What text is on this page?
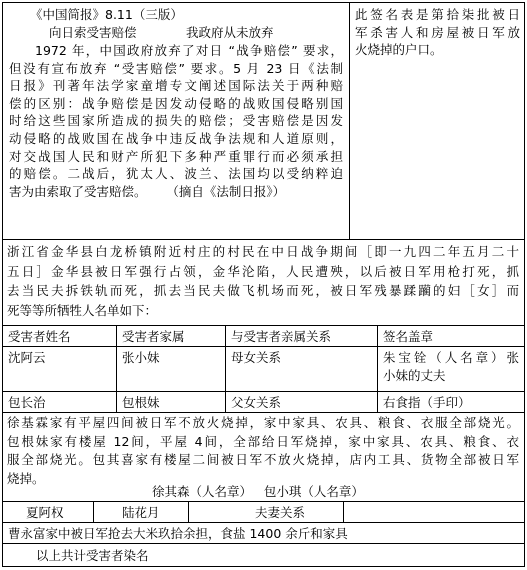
《中国简报》8.11（三版）
向日索受害赔偿	我政府从未放弃
1972 年，中国政府放弃了对日 “战争赔偿” 要求，
但没有宣布放弃 “受害赔偿” 要求。5 月 23 日《法制
日报》刊著年法学家童增专文阐述国际法关于两种赔
偿的区别：战争赔偿是因发动侵略的战败国侵略别国
时给这些国家所造成的损失的赔偿；受害赔偿是因发
动侵略的战败国在战争中违反战争法规和人道原则，
对交战国人民和财产所犯下多种严重罪行而必须承担
的赔偿。二战后，犹太人、波兰、法国均以受纳粹迫
害为由索取了受害赔偿。     （摘自《法制日报》）
此签名表是第拾柒批被日
军杀害人和房屋被日军放
火烧掉的户口。
浙江省金华县白龙桥镇附近村庄的村民在中日战争期间［即一九四二年五月二十
五日］金华县被日军强行占领，金华沦陷，人民遭殃，以后被日军用枪打死，抓
去当民夫拆铁轨而死，抓去当民夫做飞机场而死，被日军残暴蹂躏的妇［女］而
死等等所牺牲人名单如下：
受害者姓名	受害者家属	与受害者亲属关系	签名盖章
沈阿云	张小妹	母女关系	朱宝铨（人名章）张
小妹的丈夫
包长治	包根妹	父女关系	右食指（手印）
徐基霖家有平屋四间被日军不放火烧掉，家中家具、农具、粮食、衣服全部烧光。
包根妹家有楼屋 12间，平屋 4间，全部给日军烧掉，家中家具、农具、粮食、衣
服全部烧光。包其喜家有楼屋二间被日军不放火烧掉，店内工具、货物全部被日军
烧掉。
徐其森（人名章）   包小琪（人名章）
夏阿权	陆花月	夫妻关系
曹永富家中被日军抢去大米玖拾余担，食盐 1400 余斤和家具
以上共计受害者染名
